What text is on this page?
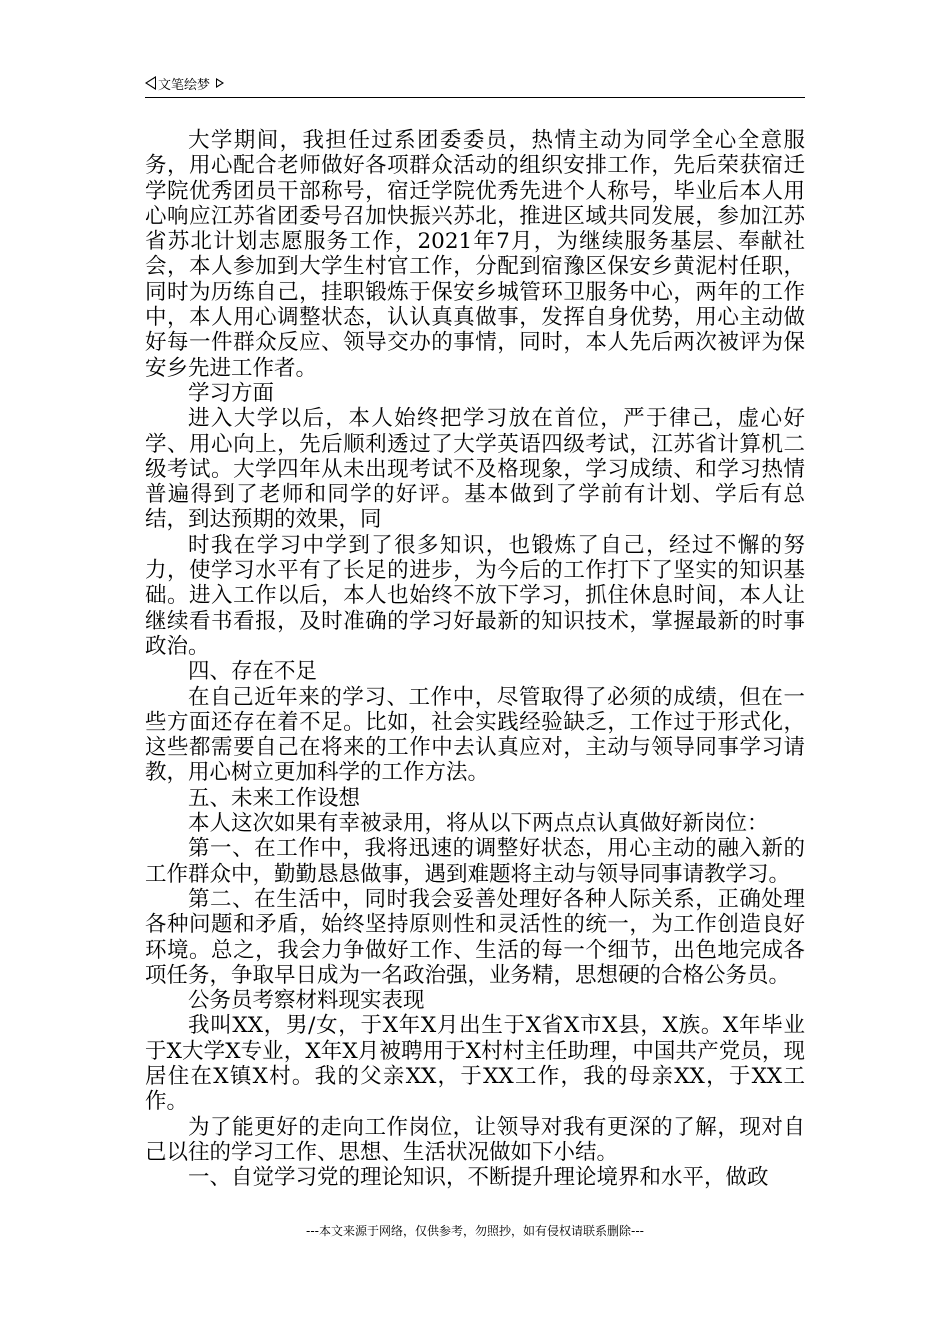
文笔绘梦

大学期间，我担任过系团委委员，热情主动为同学全心全意服务，用心配合老师做好各项群众活动的组织安排工作，先后荣获宿迁学院优秀团员干部称号，宿迁学院优秀先进个人称号，毕业后本人用心响应江苏省团委号召加快振兴苏北，推进区域共同发展，参加江苏省苏北计划志愿服务工作，2021年7月，为继续服务基层、奉献社会，本人参加到大学生村官工作，分配到宿豫区保安乡黄泥村任职，同时为历练自己，挂职锻炼于保安乡城管环卫服务中心，两年的工作中，本人用心调整状态，认认真真做事，发挥自身优势，用心主动做好每一件群众反应、领导交办的事情，同时，本人先后两次被评为保安乡先进工作者。

学习方面

进入大学以后，本人始终把学习放在首位，严于律己，虚心好学、用心向上，先后顺利透过了大学英语四级考试，江苏省计算机二级考试。大学四年从未出现考试不及格现象，学习成绩、和学习热情普遍得到了老师和同学的好评。基本做到了学前有计划、学后有总结，到达预期的效果，同

时我在学习中学到了很多知识，也锻炼了自己，经过不懈的努力，使学习水平有了长足的进步，为今后的工作打下了坚实的知识基础。进入工作以后，本人也始终不放下学习，抓住休息时间，本人让继续看书看报，及时准确的学习好最新的知识技术，掌握最新的时事政治。

四、存在不足

在自己近年来的学习、工作中，尽管取得了必须的成绩，但在一些方面还存在着不足。比如，社会实践经验缺乏，工作过于形式化，这些都需要自己在将来的工作中去认真应对，主动与领导同事学习请教，用心树立更加科学的工作方法。

五、未来工作设想

本人这次如果有幸被录用，将从以下两点点认真做好新岗位：

第一、在工作中，我将迅速的调整好状态，用心主动的融入新的工作群众中，勤勤恳恳做事，遇到难题将主动与领导同事请教学习。

第二、在生活中，同时我会妥善处理好各种人际关系，正确处理各种问题和矛盾，始终坚持原则性和灵活性的统一，为工作创造良好环境。总之，我会力争做好工作、生活的每一个细节，出色地完成各项任务，争取早日成为一名政治强，业务精，思想硬的合格公务员。

公务员考察材料现实表现

我叫XX，男/女，于X年X月出生于X省X市X县，X族。X年毕业于X大学X专业，X年X月被聘用于X村村主任助理，中国共产党员，现居住在X镇X村。我的父亲XX，于XX工作，我的母亲XX，于XX工作。

为了能更好的走向工作岗位，让领导对我有更深的了解，现对自己以往的学习工作、思想、生活状况做如下小结。

一、自觉学习党的理论知识，不断提升理论境界和水平，做政

---本文来源于网络，仅供参考，勿照抄，如有侵权请联系删除---
